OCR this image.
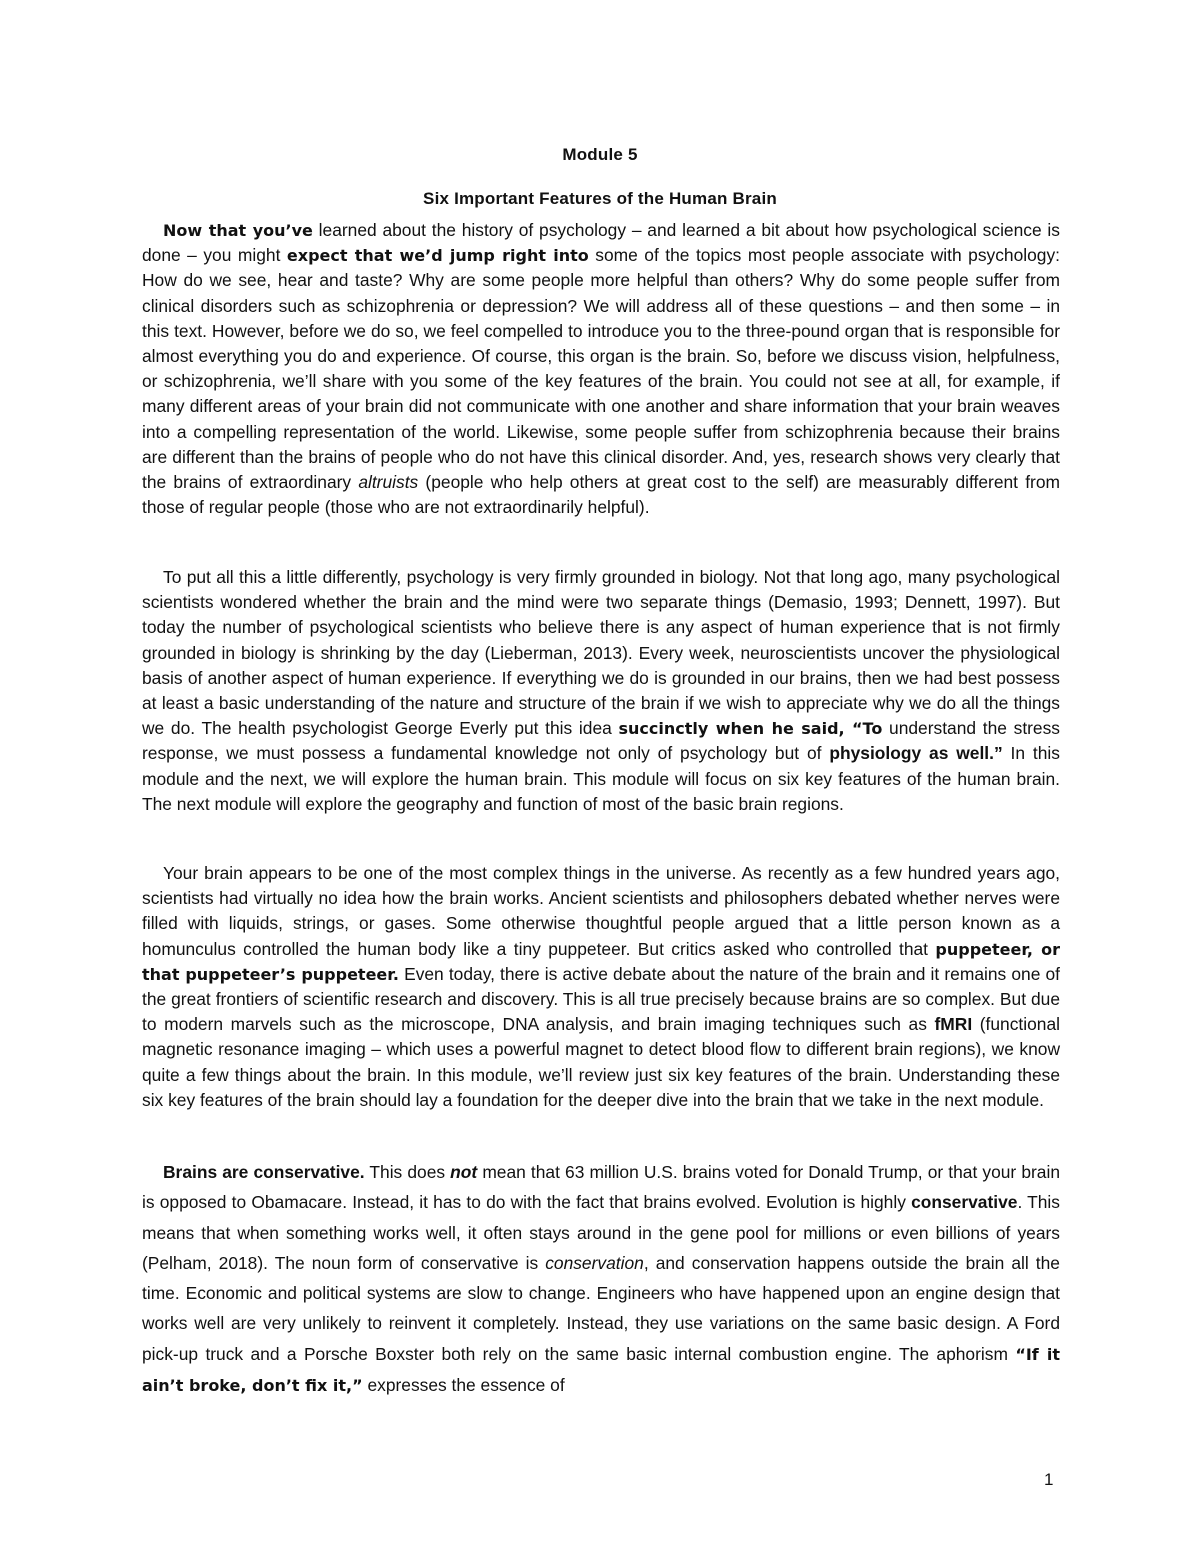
Module 5
Six Important Features of the Human Brain

Now that you’ve learned about the history of psychology – and learned a bit about how psychological science is done – you might expect that we’d jump right into some of the topics most people associate with psychology: How do we see, hear and taste? Why are some people more helpful than others? Why do some people suffer from clinical disorders such as schizophrenia or depression? We will address all of these questions – and then some – in this text. However, before we do so, we feel compelled to introduce you to the three-pound organ that is responsible for almost everything you do and experience. Of course, this organ is the brain. So, before we discuss vision, helpfulness, or schizophrenia, we’ll share with you some of the key features of the brain. You could not see at all, for example, if many different areas of your brain did not communicate with one another and share information that your brain weaves into a compelling representation of the world. Likewise, some people suffer from schizophrenia because their brains are different than the brains of people who do not have this clinical disorder. And, yes, research shows very clearly that the brains of extraordinary altruists (people who help others at great cost to the self) are measurably different from those of regular people (those who are not extraordinarily helpful).

To put all this a little differently, psychology is very firmly grounded in biology. Not that long ago, many psychological scientists wondered whether the brain and the mind were two separate things (Demasio, 1993; Dennett, 1997). But today the number of psychological scientists who believe there is any aspect of human experience that is not firmly grounded in biology is shrinking by the day (Lieberman, 2013). Every week, neuroscientists uncover the physiological basis of another aspect of human experience. If everything we do is grounded in our brains, then we had best possess at least a basic understanding of the nature and structure of the brain if we wish to appreciate why we do all the things we do. The health psychologist George Everly put this idea succinctly when he said, “To understand the stress response, we must possess a fundamental knowledge not only of psychology but of physiology as well.” In this module and the next, we will explore the human brain. This module will focus on six key features of the human brain. The next module will explore the geography and function of most of the basic brain regions.

Your brain appears to be one of the most complex things in the universe. As recently as a few hundred years ago, scientists had virtually no idea how the brain works. Ancient scientists and philosophers debated whether nerves were filled with liquids, strings, or gases. Some otherwise thoughtful people argued that a little person known as a homunculus controlled the human body like a tiny puppeteer. But critics asked who controlled that puppeteer, or that puppeteer’s puppeteer. Even today, there is active debate about the nature of the brain and it remains one of the great frontiers of scientific research and discovery. This is all true precisely because brains are so complex. But due to modern marvels such as the microscope, DNA analysis, and brain imaging techniques such as fMRI (functional magnetic resonance imaging – which uses a powerful magnet to detect blood flow to different brain regions), we know quite a few things about the brain. In this module, we’ll review just six key features of the brain. Understanding these six key features of the brain should lay a foundation for the deeper dive into the brain that we take in the next module.

Brains are conservative. This does not mean that 63 million U.S. brains voted for Donald Trump, or that your brain is opposed to Obamacare. Instead, it has to do with the fact that brains evolved. Evolution is highly conservative. This means that when something works well, it often stays around in the gene pool for millions or even billions of years (Pelham, 2018). The noun form of conservative is conservation, and conservation happens outside the brain all the time. Economic and political systems are slow to change. Engineers who have happened upon an engine design that works well are very unlikely to reinvent it completely. Instead, they use variations on the same basic design. A Ford pick-up truck and a Porsche Boxster both rely on the same basic internal combustion engine. The aphorism “If it ain’t broke, don’t fix it,” expresses the essence of

1
